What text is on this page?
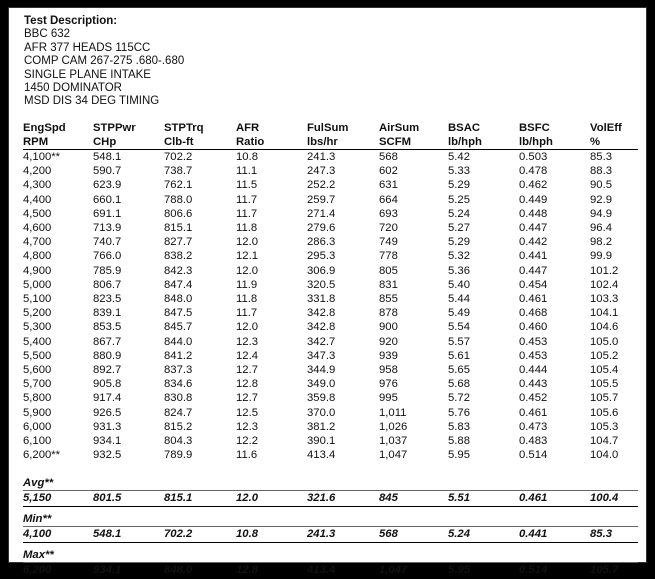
Test Description:
BBC 632
AFR 377 HEADS 115CC
COMP CAM 267-275 .680-.680
SINGLE PLANE INTAKE
1450 DOMINATOR
MSD DIS 34 DEG TIMING
EngSpd	STPPwr	STPTrq	AFR	FulSum	AirSum	BSAC	BSFC	VolEff
RPM	CHp	Clb-ft	Ratio	lbs/hr	SCFM	lb/hph	lb/hph	%
4,100**	548.1	702.2	10.8	241.3	568	5.42	0.503	85.3
4,200	590.7	738.7	11.1	247.3	602	5.33	0.478	88.3
4,300	623.9	762.1	11.5	252.2	631	5.29	0.462	90.5
4,400	660.1	788.0	11.7	259.7	664	5.25	0.449	92.9
4,500	691.1	806.6	11.7	271.4	693	5.24	0.448	94.9
4,600	713.9	815.1	11.8	279.6	720	5.27	0.447	96.4
4,700	740.7	827.7	12.0	286.3	749	5.29	0.442	98.2
4,800	766.0	838.2	12.1	295.3	778	5.32	0.441	99.9
4,900	785.9	842.3	12.0	306.9	805	5.36	0.447	101.2
5,000	806.7	847.4	11.9	320.5	831	5.40	0.454	102.4
5,100	823.5	848.0	11.8	331.8	855	5.44	0.461	103.3
5,200	839.1	847.5	11.7	342.8	878	5.49	0.468	104.1
5,300	853.5	845.7	12.0	342.8	900	5.54	0.460	104.6
5,400	867.7	844.0	12.3	342.7	920	5.57	0.453	105.0
5,500	880.9	841.2	12.4	347.3	939	5.61	0.453	105.2
5,600	892.7	837.3	12.7	344.9	958	5.65	0.444	105.4
5,700	905.8	834.6	12.8	349.0	976	5.68	0.443	105.5
5,800	917.4	830.8	12.7	359.8	995	5.72	0.452	105.7
5,900	926.5	824.7	12.5	370.0	1,011	5.76	0.461	105.6
6,000	931.3	815.2	12.3	381.2	1,026	5.83	0.473	105.3
6,100	934.1	804.3	12.2	390.1	1,037	5.88	0.483	104.7
6,200**	932.5	789.9	11.6	413.4	1,047	5.95	0.514	104.0

Avg**								
5,150	801.5	815.1	12.0	321.6	845	5.51	0.461	100.4
Min**								
4,100	548.1	702.2	10.8	241.3	568	5.24	0.441	85.3
Max**								
6,200	934.1	848.0	12.8	413.4	1,047	5.95	0.514	105.7
